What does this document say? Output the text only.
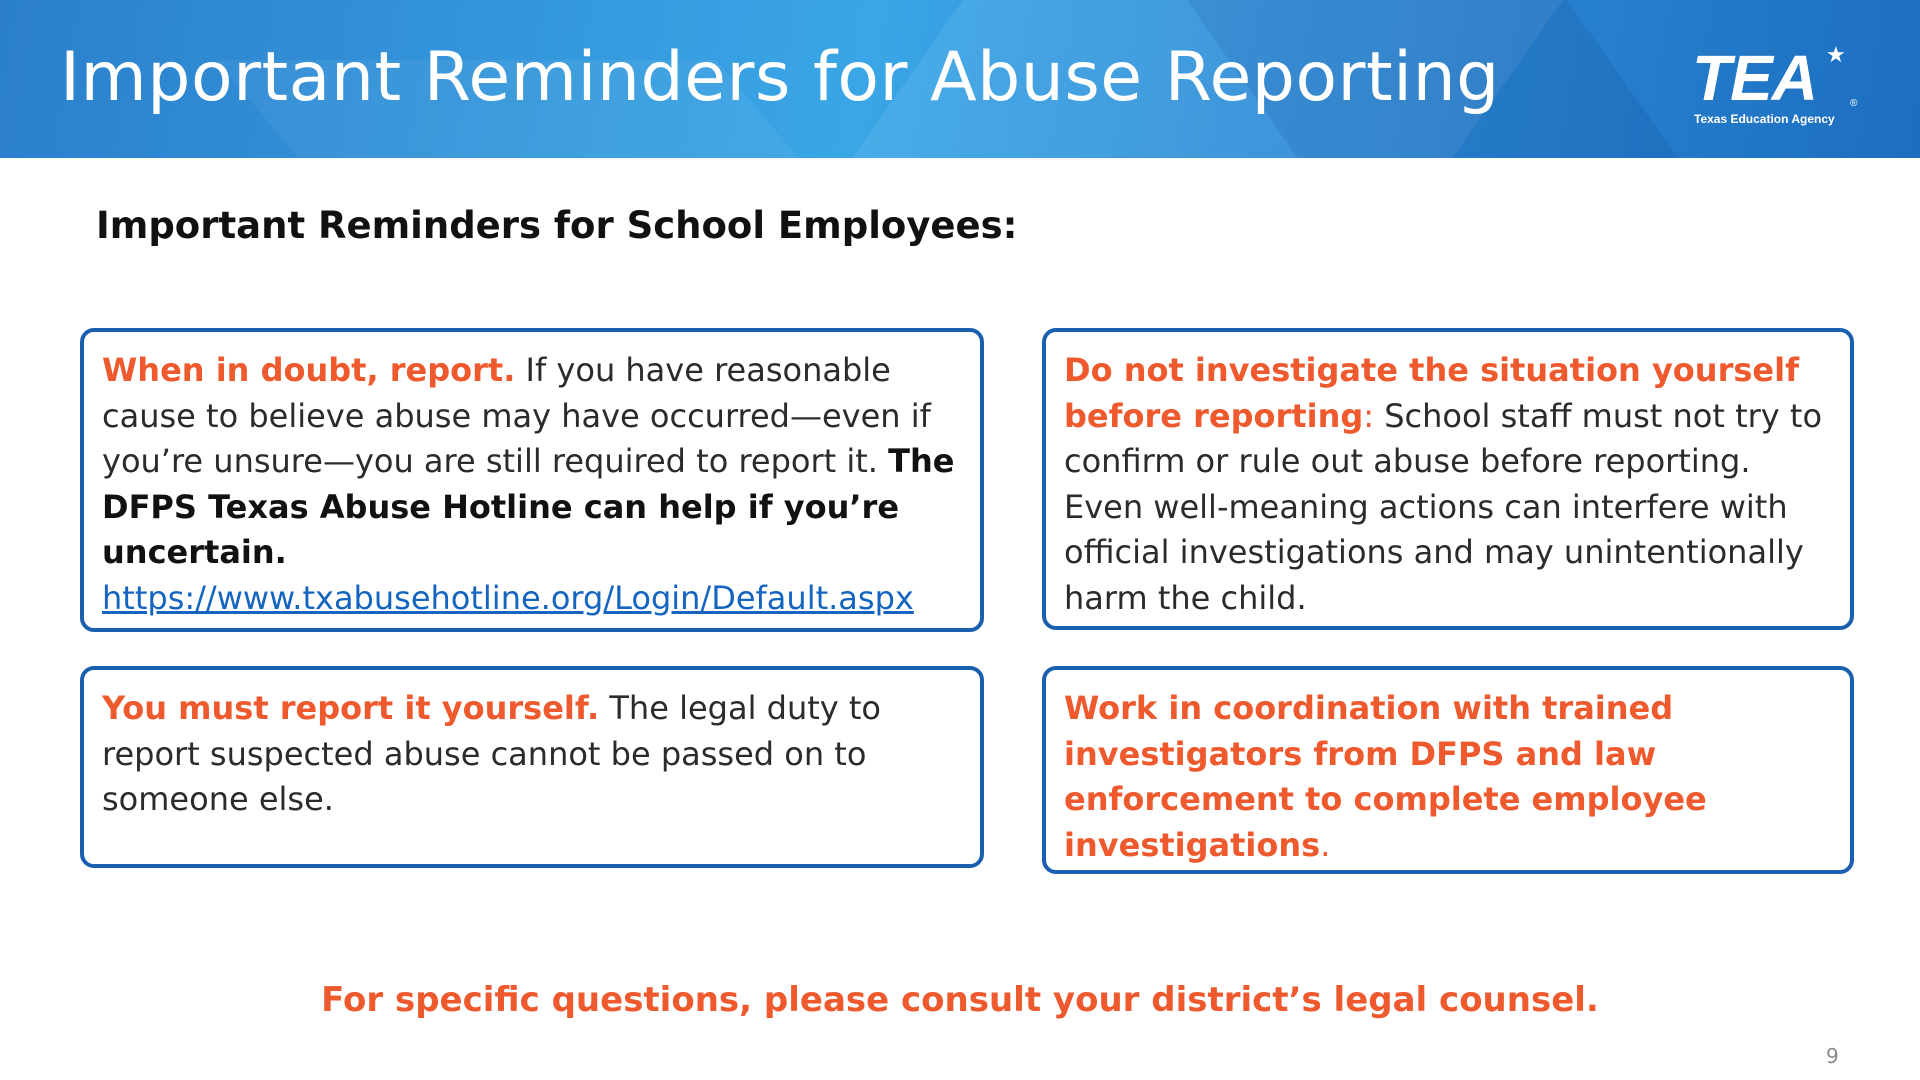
Important Reminders for Abuse Reporting	TEA ★
®
Texas Education Agency
Important Reminders for School Employees:
When in doubt, report. If you have reasonable cause to believe abuse may have occurred—even if you’re unsure—you are still required to report it. The DFPS Texas Abuse Hotline can help if you’re uncertain.
https://www.txabusehotline.org/Login/Default.aspx
Do not investigate the situation yourself before reporting: School staff must not try to confirm or rule out abuse before reporting. Even well-meaning actions can interfere with official investigations and may unintentionally harm the child.
You must report it yourself. The legal duty to report suspected abuse cannot be passed on to someone else.
Work in coordination with trained investigators from DFPS and law enforcement to complete employee investigations.
For specific questions, please consult your district’s legal counsel.
9
